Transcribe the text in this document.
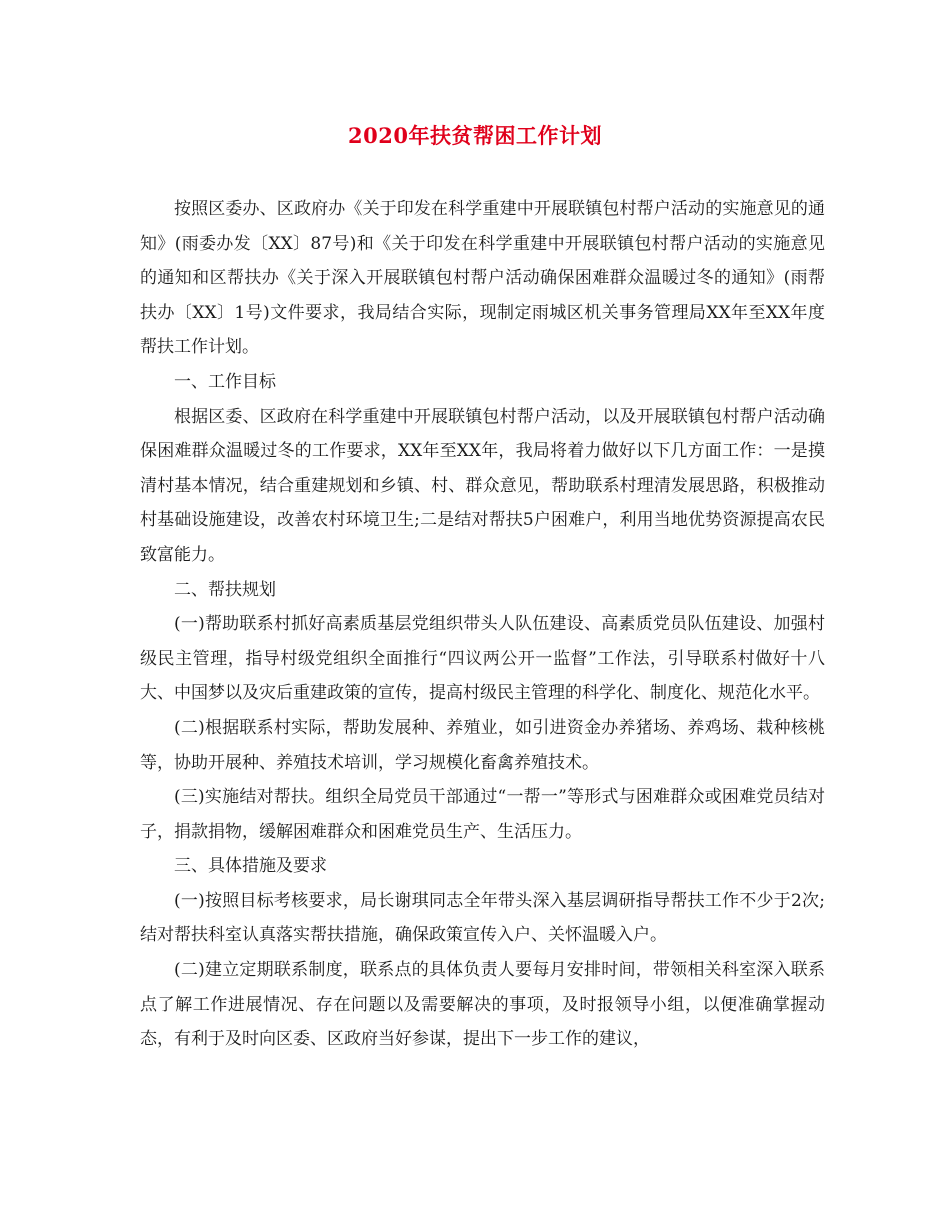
2020年扶贫帮困工作计划

按照区委办、区政府办《关于印发在科学重建中开展联镇包村帮户活动的实施意见的通知》(雨委办发〔XX〕87号)和《关于印发在科学重建中开展联镇包村帮户活动的实施意见的通知和区帮扶办《关于深入开展联镇包村帮户活动确保困难群众温暖过冬的通知》(雨帮扶办〔XX〕1号)文件要求，我局结合实际，现制定雨城区机关事务管理局XX年至XX年度帮扶工作计划。

一、工作目标

根据区委、区政府在科学重建中开展联镇包村帮户活动，以及开展联镇包村帮户活动确保困难群众温暖过冬的工作要求，XX年至XX年，我局将着力做好以下几方面工作：一是摸清村基本情况，结合重建规划和乡镇、村、群众意见，帮助联系村理清发展思路，积极推动村基础设施建设，改善农村环境卫生;二是结对帮扶5户困难户，利用当地优势资源提高农民致富能力。

二、帮扶规划

(一)帮助联系村抓好高素质基层党组织带头人队伍建设、高素质党员队伍建设、加强村级民主管理，指导村级党组织全面推行“四议两公开一监督”工作法，引导联系村做好十八大、中国梦以及灾后重建政策的宣传，提高村级民主管理的科学化、制度化、规范化水平。

(二)根据联系村实际，帮助发展种、养殖业，如引进资金办养猪场、养鸡场、栽种核桃等，协助开展种、养殖技术培训，学习规模化畜禽养殖技术。

(三)实施结对帮扶。组织全局党员干部通过“一帮一”等形式与困难群众或困难党员结对子，捐款捐物，缓解困难群众和困难党员生产、生活压力。

三、具体措施及要求

(一)按照目标考核要求，局长谢琪同志全年带头深入基层调研指导帮扶工作不少于2次;结对帮扶科室认真落实帮扶措施，确保政策宣传入户、关怀温暖入户。

(二)建立定期联系制度，联系点的具体负责人要每月安排时间，带领相关科室深入联系点了解工作进展情况、存在问题以及需要解决的事项，及时报领导小组，以便准确掌握动态，有利于及时向区委、区政府当好参谋，提出下一步工作的建议，
